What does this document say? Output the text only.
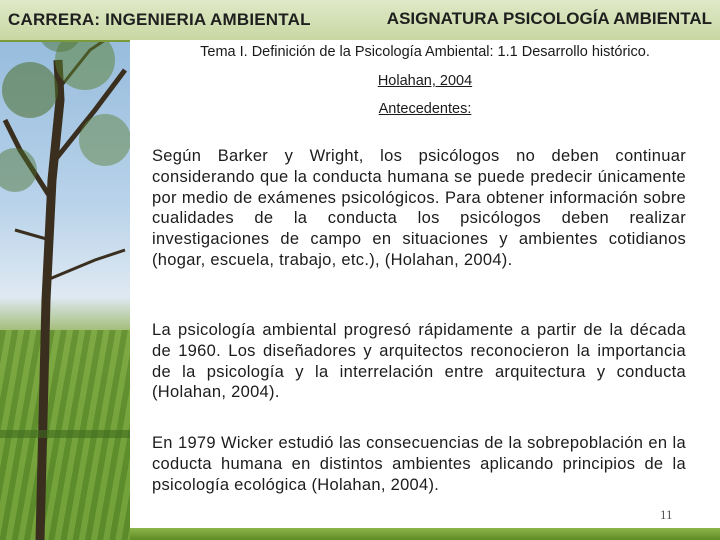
CARRERA: INGENIERIA AMBIENTAL	ASIGNATURA PSICOLOGÍA AMBIENTAL
Tema I. Definición de la Psicología Ambiental: 1.1 Desarrollo histórico.
Holahan, 2004
Antecedentes:

Según Barker y Wright, los psicólogos no deben continuar considerando que la conducta humana se puede predecir únicamente por medio de exámenes psicológicos. Para obtener información sobre cualidades de la conducta los psicólogos deben realizar investigaciones de campo en situaciones y ambientes cotidianos (hogar, escuela, trabajo, etc.), (Holahan, 2004).

La psicología ambiental progresó rápidamente a partir de la década de 1960. Los diseñadores y arquitectos reconocieron la importancia de la psicología y la interrelación entre arquitectura y conducta (Holahan, 2004).

En 1979 Wicker estudió las consecuencias de la sobrepoblación en la coducta humana en distintos ambientes aplicando principios de la psicología ecológica (Holahan, 2004).

11
